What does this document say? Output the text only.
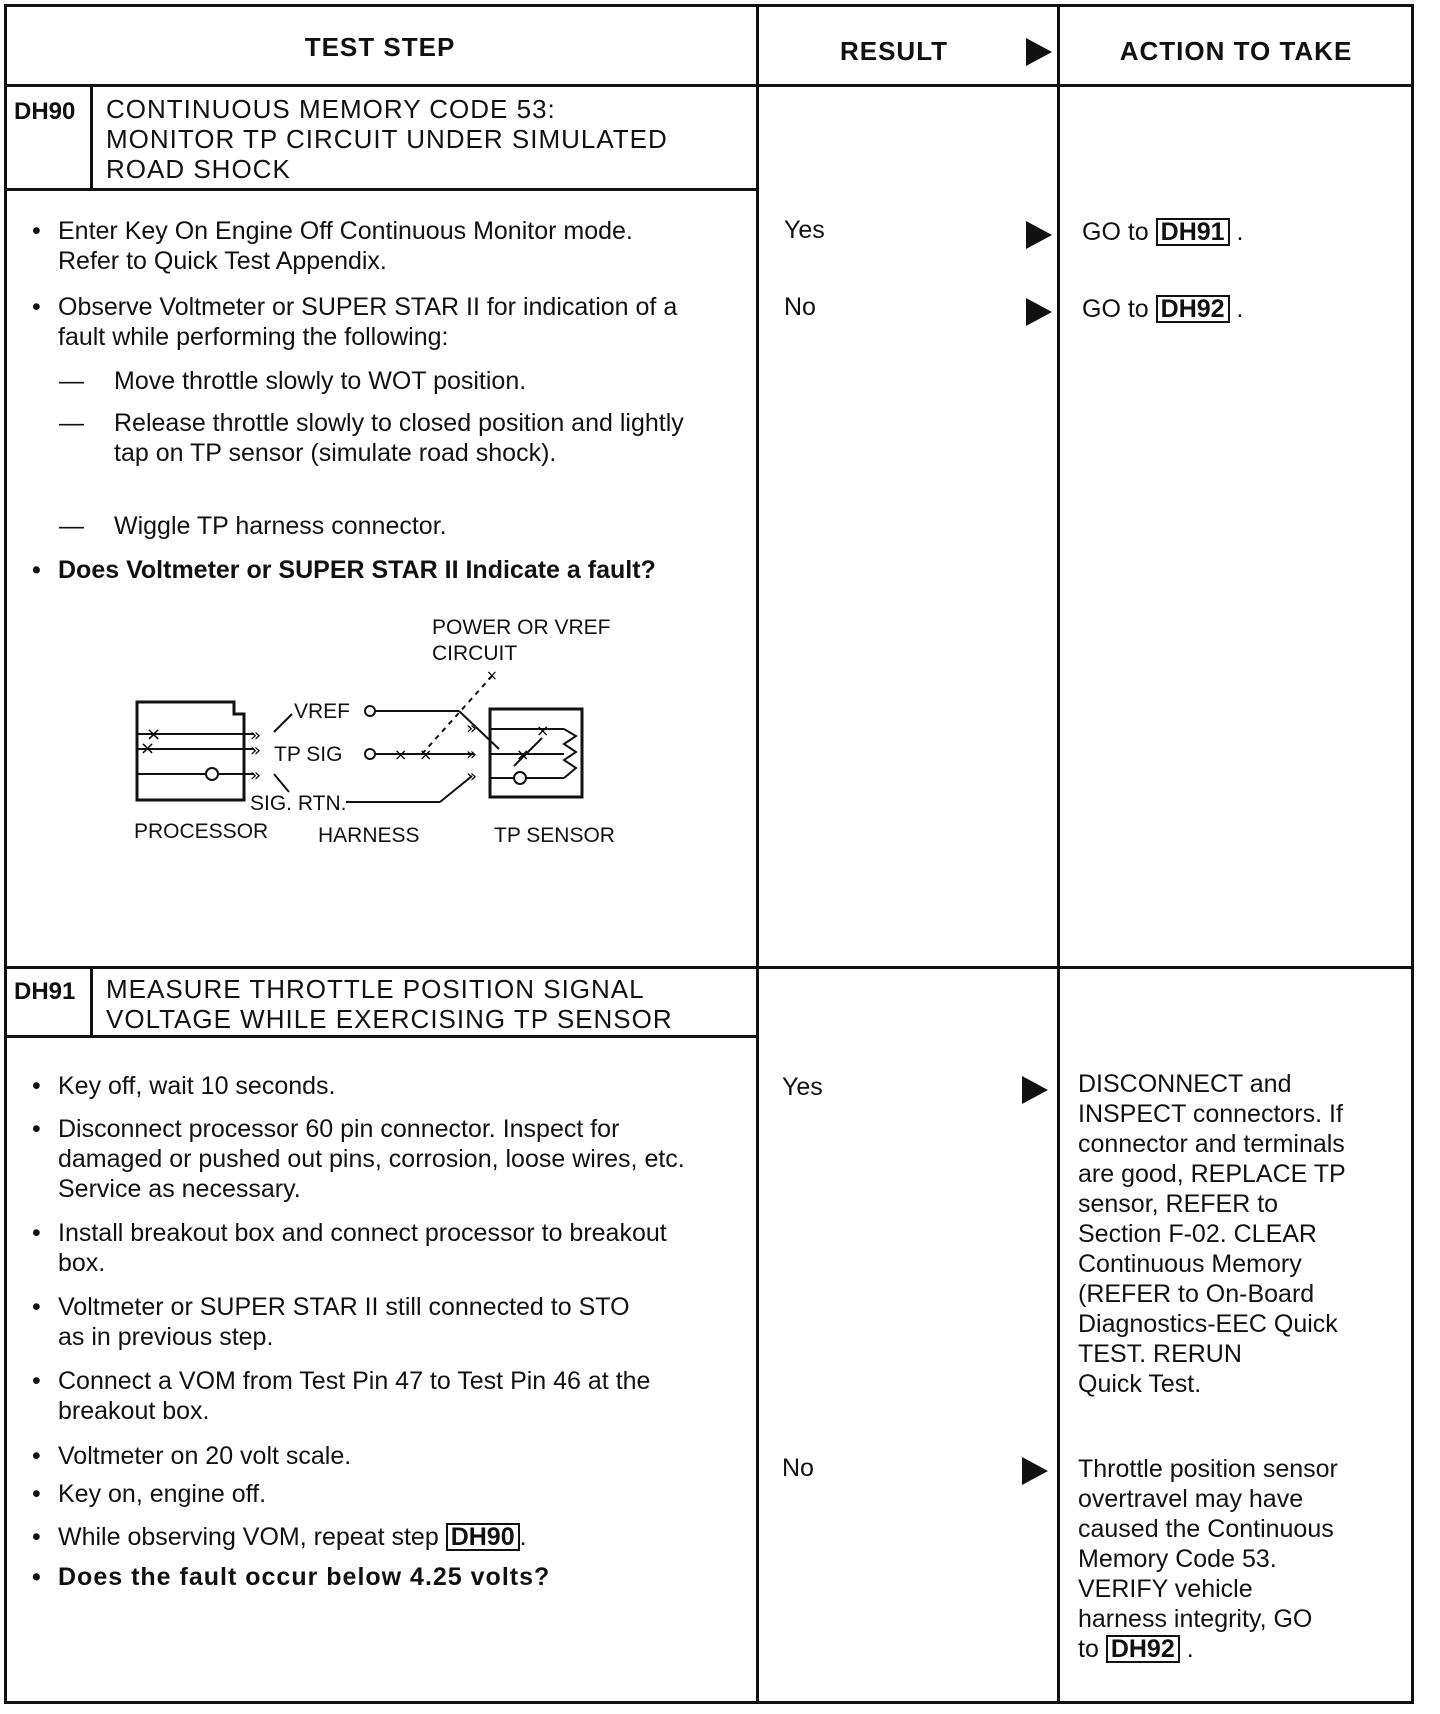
TEST STEP	RESULT	ACTION TO TAKE
DH90 CONTINUOUS MEMORY CODE 53:
MONITOR TP CIRCUIT UNDER SIMULATED
ROAD SHOCK
• Enter Key On Engine Off Continuous Monitor mode. Refer to Quick Test Appendix.
• Observe Voltmeter or SUPER STAR II for indication of a fault while performing the following:
— Move throttle slowly to WOT position.
— Release throttle slowly to closed position and lightly tap on TP sensor (simulate road shock).
— Wiggle TP harness connector.
• Does Voltmeter or SUPER STAR II Indicate a fault?
POWER OR VREF
CIRCUIT
×
×
»
»
»
VREF
TP SIG	× ×
×
SIG. RTN.
»
»
»
×
×
PROCESSOR HARNESS	TP SENSOR
Yes	GO to DH91 .
No	GO to DH92 .
DH91 MEASURE THROTTLE POSITION SIGNAL
VOLTAGE WHILE EXERCISING TP SENSOR
• Key off, wait 10 seconds.
• Disconnect processor 60 pin connector. Inspect for damaged or pushed out pins, corrosion, loose wires, etc. Service as necessary.
• Install breakout box and connect processor to breakout box.
• Voltmeter or SUPER STAR II still connected to STO as in previous step.
• Connect a VOM from Test Pin 47 to Test Pin 46 at the breakout box.
• Voltmeter on 20 volt scale.
• Key on, engine off.
• While observing VOM, repeat step DH90 .
• Does the fault occur below 4.25 volts?
Yes	DISCONNECT and
INSPECT connectors. If
connector and terminals
are good, REPLACE TP
sensor, REFER to
Section F-02. CLEAR
Continuous Memory
(REFER to On-Board
Diagnostics-EEC Quick
TEST. RERUN
Quick Test.
No	Throttle position sensor
overtravel may have
caused the Continuous
Memory Code 53.
VERIFY vehicle
harness integrity, GO
to DH92 .
